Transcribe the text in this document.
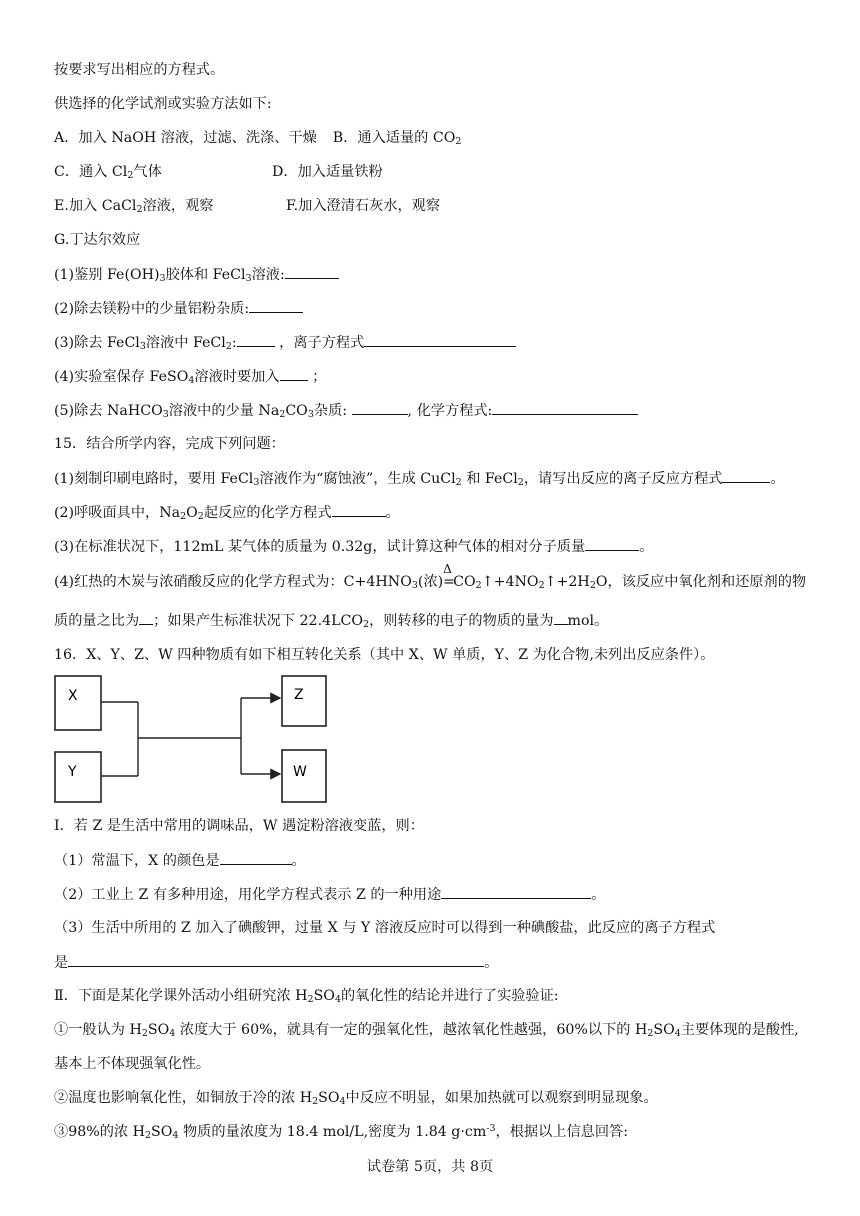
按要求写出相应的方程式。
供选择的化学试剂或实验方法如下:
A．加入 NaOH 溶液，过滤、洗涤、干燥 B．通入适量的 $CO_2$
C．通入 $Cl_2$气体	D．加入适量铁粉
E.加入 CaCl$_2$溶液，观察	F.加入澄清石灰水，观察
G.丁达尔效应
(1)鉴别 $Fe(OH)_3$胶体和 FeCl$_3$溶液:
(2)除去镁粉中的少量铝粉杂质:
(3)除去 FeCl$_3$溶液中 FeCl$_2$:	，离子方程式
(4)实验室保存 FeSO$_4$溶液时要加入 ；
(5)除去 NaHCO$_3$溶液中的少量 $Na_2CO_3$杂质:	, 化学方程式:
15．结合所学内容，完成下列问题：
(1)刻制印刷电路时，要用 FeCl$_3$溶液作为“腐蚀液”，生成 CuCl$_2$ 和 FeCl$_2$，请写出反应的离子反应方程式	。
(2)呼吸面具中，$Na_2O_2$起反应的化学方程式	。
(3)在标准状况下，112mL 某气体的质量为 0.32g，试计算这种气体的相对分子质量	。
(4)红热的木炭与浓硝酸反应的化学方程式为：$C+4HNO_3$(浓)
Δ
$=CO_2↑+4NO_2↑+2H_2O$，该反应中氧化剂和还原剂的物
质的量之比为 ；如果产生标准状况下 $22.4LCO_2$，则转移的电子的物质的量为 mol。
16．X、Y、Z、W 四种物质有如下相互转化关系（其中 X、W 单质，Y、Z 为化合物,未列出反应条件）。
X
Y
Z
W
Ⅰ．若 Z 是生活中常用的调味品，W 遇淀粉溶液变蓝，则：
（1）常温下，X 的颜色是	。
（2）工业上 Z 有多种用途，用化学方程式表示 Z 的一种用途	。
（3）生活中所用的 Z 加入了碘酸钾，过量 X 与 Y 溶液反应时可以得到一种碘酸盐，此反应的离子方程式
是	。
Ⅱ．下面是某化学课外活动小组研究浓 $H_2SO_4$的氧化性的结论并进行了实验验证:
①一般认为 $H_2SO_4$ 浓度大于 60%，就具有一定的强氧化性，越浓氧化性越强，60%以下的 $H_2SO_4$主要体现的是酸性,
基本上不体现强氧化性。
②温度也影响氧化性，如铜放于冷的浓 $H_2SO_4$中反应不明显，如果加热就可以观察到明显现象。
③98%的浓 $H_2SO_4$ 物质的量浓度为 18.4 mol/L,密度为 1.84 $g\cdot cm^{-3}$，根据以上信息回答:
试卷第 5页，共 8页
